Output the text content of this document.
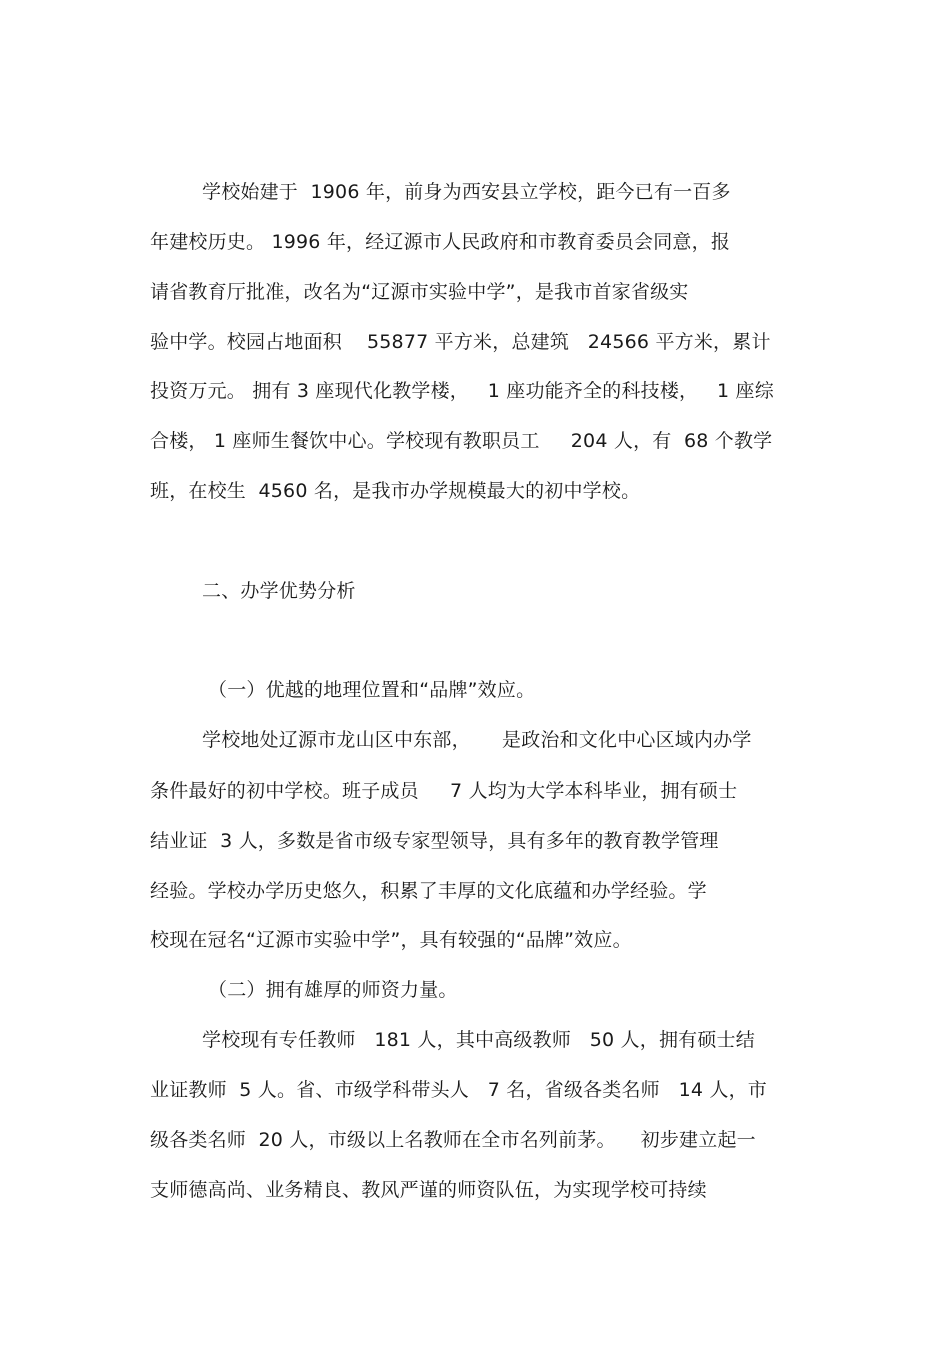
学校始建于  1906 年，前身为西安县立学校，距今已有一百多
年建校历史。 1996 年，经辽源市人民政府和市教育委员会同意，报
请省教育厅批准，改名为“辽源市实验中学”，是我市首家省级实
验中学。校园占地面积    55877 平方米，总建筑   24566 平方米，累计
投资万元。 拥有 3 座现代化教学楼，   1 座功能齐全的科技楼，   1 座综
合楼， 1 座师生餐饮中心。学校现有教职员工     204 人，有  68 个教学
班，在校生  4560 名，是我市办学规模最大的初中学校。
二、办学优势分析
（一）优越的地理位置和“品牌”效应。
学校地处辽源市龙山区中东部，     是政治和文化中心区域内办学
条件最好的初中学校。班子成员     7 人均为大学本科毕业，拥有硕士
结业证  3 人，多数是省市级专家型领导，具有多年的教育教学管理
经验。学校办学历史悠久，积累了丰厚的文化底蕴和办学经验。学
校现在冠名“辽源市实验中学”，具有较强的“品牌”效应。
（二）拥有雄厚的师资力量。
学校现有专任教师   181 人，其中高级教师   50 人，拥有硕士结
业证教师  5 人。省、市级学科带头人   7 名，省级各类名师   14 人，市
级各类名师  20 人，市级以上名教师在全市名列前茅。    初步建立起一
支师德高尚、业务精良、教风严谨的师资队伍，为实现学校可持续
